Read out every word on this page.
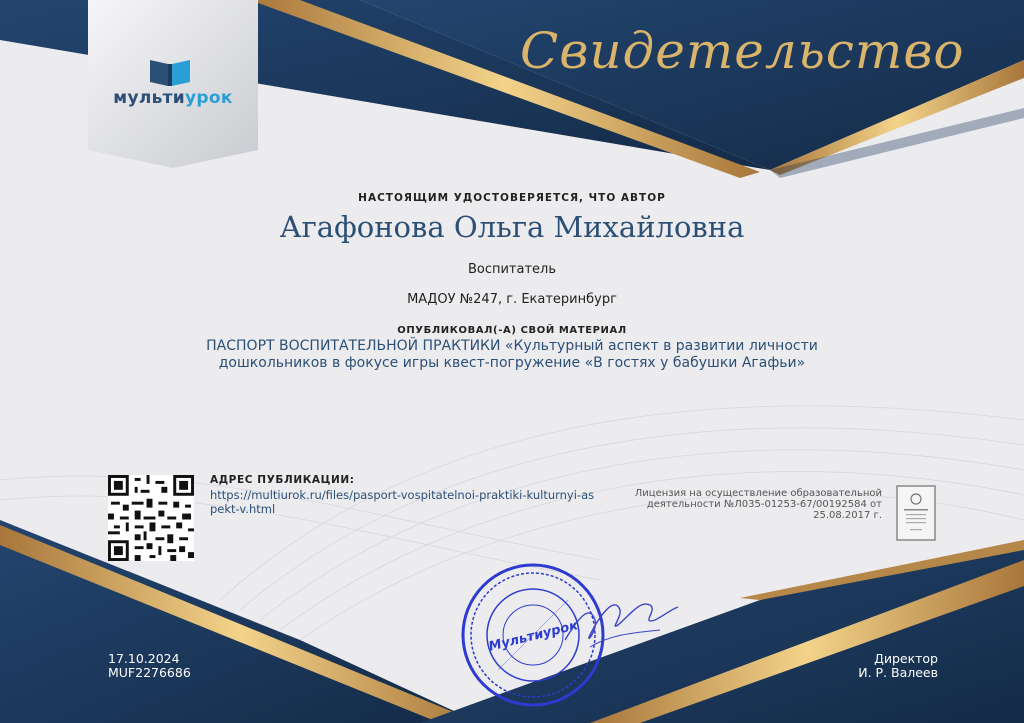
мультиурок
Свидетельство
НАСТОЯЩИМ УДОСТОВЕРЯЕТСЯ, ЧТО АВТОР
Агафонова Ольга Михайловна
Воспитатель
МАДОУ №247, г. Екатеринбург
ОПУБЛИКОВАЛ(-А) СВОЙ МАТЕРИАЛ
ПАСПОРТ ВОСПИТАТЕЛЬНОЙ ПРАКТИКИ «Культурный аспект в развитии личности
дошкольников в фокусе игры квест-погружение «В гостях у бабушки Агафьи»
АДРЕС ПУБЛИКАЦИИ:
https://multiurok.ru/files/pasport-vospitatelnoi-praktiki-kulturnyi-aspekt-v.html
Лицензия на осуществление образовательной деятельности №Л035-01253-67/00192584 от 25.08.2017 г.
Мультиурок
17.10.2024
MUF2276686
Директор
И. Р. Валеев
